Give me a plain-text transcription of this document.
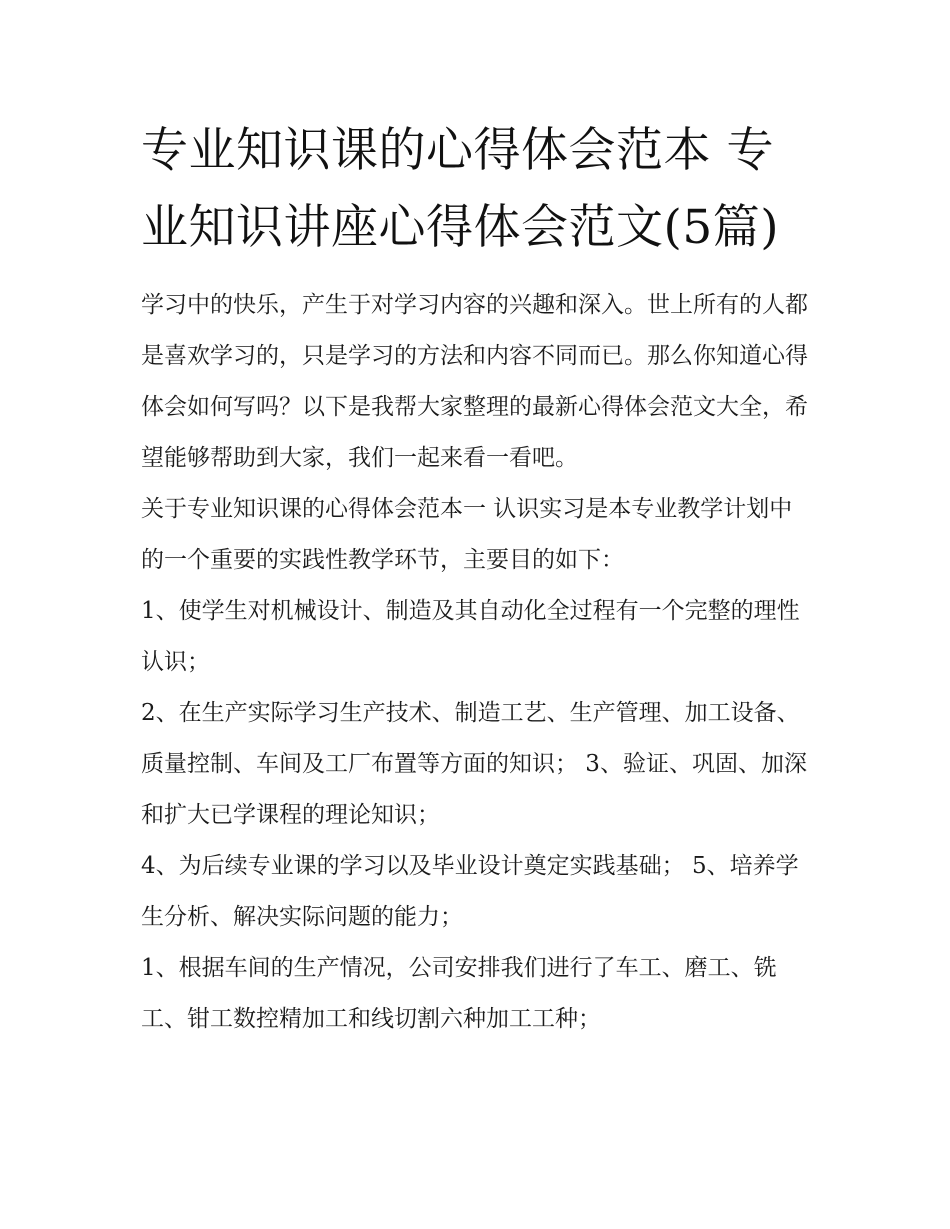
专业知识课的心得体会范本 专业知识讲座心得体会范文(5篇)

学习中的快乐，产生于对学习内容的兴趣和深入。世上所有的人都是喜欢学习的，只是学习的方法和内容不同而已。那么你知道心得体会如何写吗？以下是我帮大家整理的最新心得体会范文大全，希望能够帮助到大家，我们一起来看一看吧。

关于专业知识课的心得体会范本一 认识实习是本专业教学计划中的一个重要的实践性教学环节，主要目的如下：

1、使学生对机械设计、制造及其自动化全过程有一个完整的理性认识；

2、在生产实际学习生产技术、制造工艺、生产管理、加工设备、质量控制、车间及工厂布置等方面的知识； 3、验证、巩固、加深和扩大已学课程的理论知识；

4、为后续专业课的学习以及毕业设计奠定实践基础； 5、培养学生分析、解决实际问题的能力；

1、根据车间的生产情况，公司安排我们进行了车工、磨工、铣工、钳工数控精加工和线切割六种加工工种；
